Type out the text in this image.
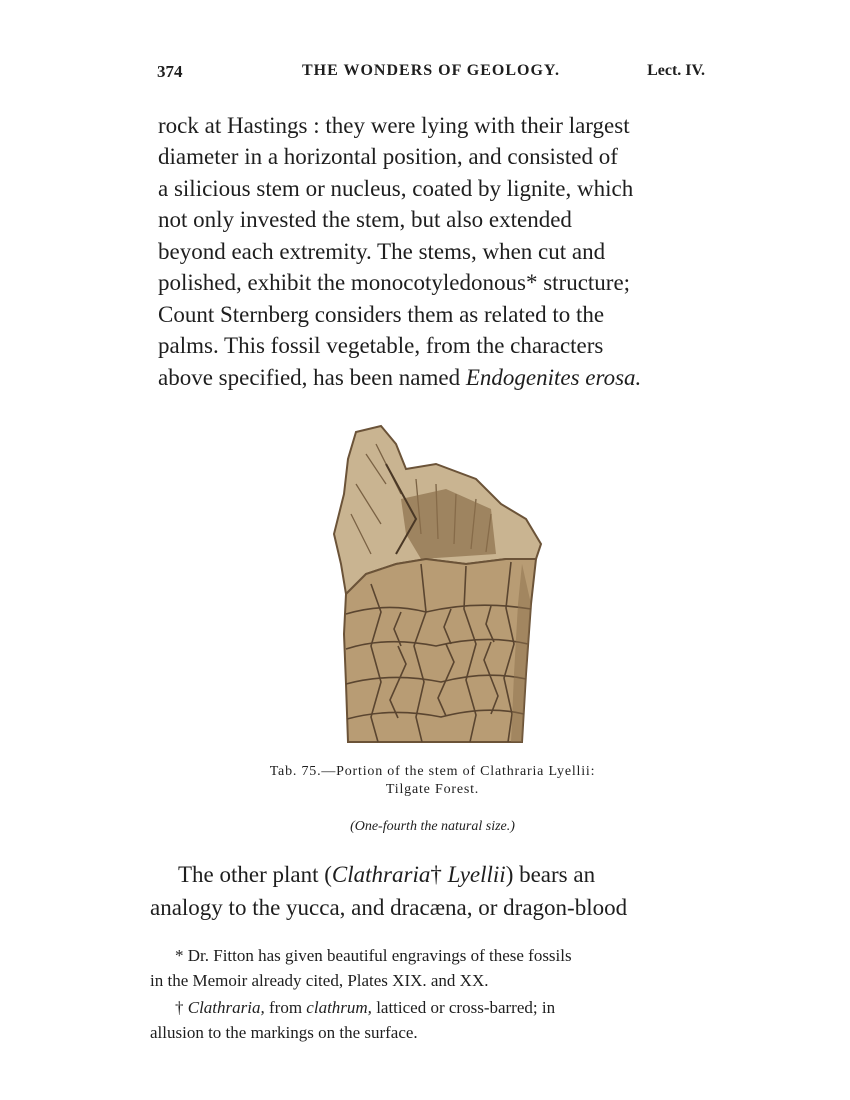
374	THE WONDERS OF GEOLOGY.	Lect. IV.
rock at Hastings : they were lying with their largest
diameter in a horizontal position, and consisted of
a silicious stem or nucleus, coated by lignite, which
not only invested the stem, but also extended
beyond each extremity. The stems, when cut and
polished, exhibit the monocotyledonous* structure;
Count Sternberg considers them as related to the
palms. This fossil vegetable, from the characters
above specified, has been named Endogenites erosa.
Tab. 75.—Portion of the stem of Clathraria Lyellii:
Tilgate Forest.
(One-fourth the natural size.)
The other plant (Clathraria† Lyellii) bears an
analogy to the yucca, and dracæna, or dragon-blood
* Dr. Fitton has given beautiful engravings of these fossils
in the Memoir already cited, Plates XIX. and XX.
† Clathraria, from clathrum, latticed or cross-barred; in
allusion to the markings on the surface.
